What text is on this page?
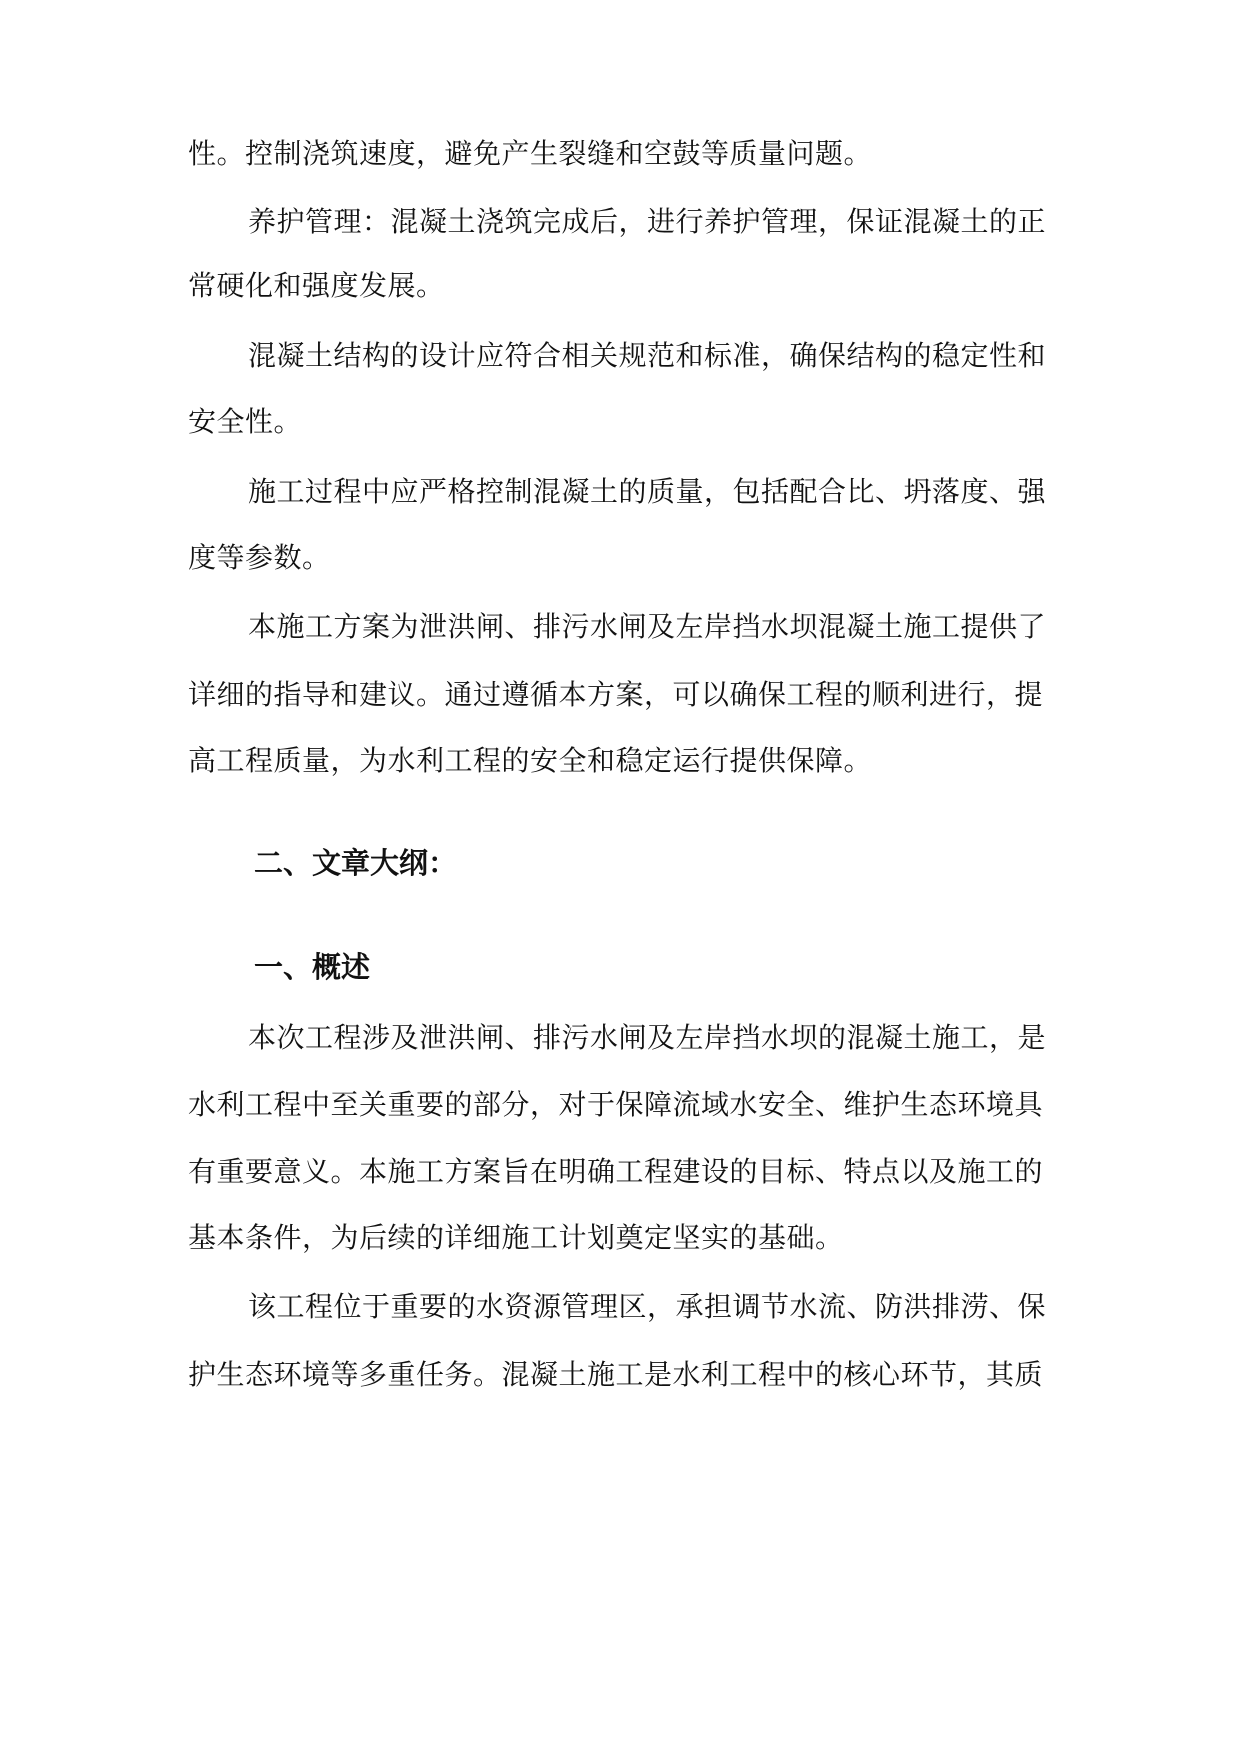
性。控制浇筑速度，避免产生裂缝和空鼓等质量问题。
养护管理：混凝土浇筑完成后，进行养护管理，保证混凝土的正
常硬化和强度发展。
混凝土结构的设计应符合相关规范和标准，确保结构的稳定性和
安全性。
施工过程中应严格控制混凝土的质量，包括配合比、坍落度、强
度等参数。
本施工方案为泄洪闸、排污水闸及左岸挡水坝混凝土施工提供了
详细的指导和建议。通过遵循本方案，可以确保工程的顺利进行，提
高工程质量，为水利工程的安全和稳定运行提供保障。
二、文章大纲：
一、概述
本次工程涉及泄洪闸、排污水闸及左岸挡水坝的混凝土施工，是
水利工程中至关重要的部分，对于保障流域水安全、维护生态环境具
有重要意义。本施工方案旨在明确工程建设的目标、特点以及施工的
基本条件，为后续的详细施工计划奠定坚实的基础。
该工程位于重要的水资源管理区，承担调节水流、防洪排涝、保
护生态环境等多重任务。混凝土施工是水利工程中的核心环节，其质
